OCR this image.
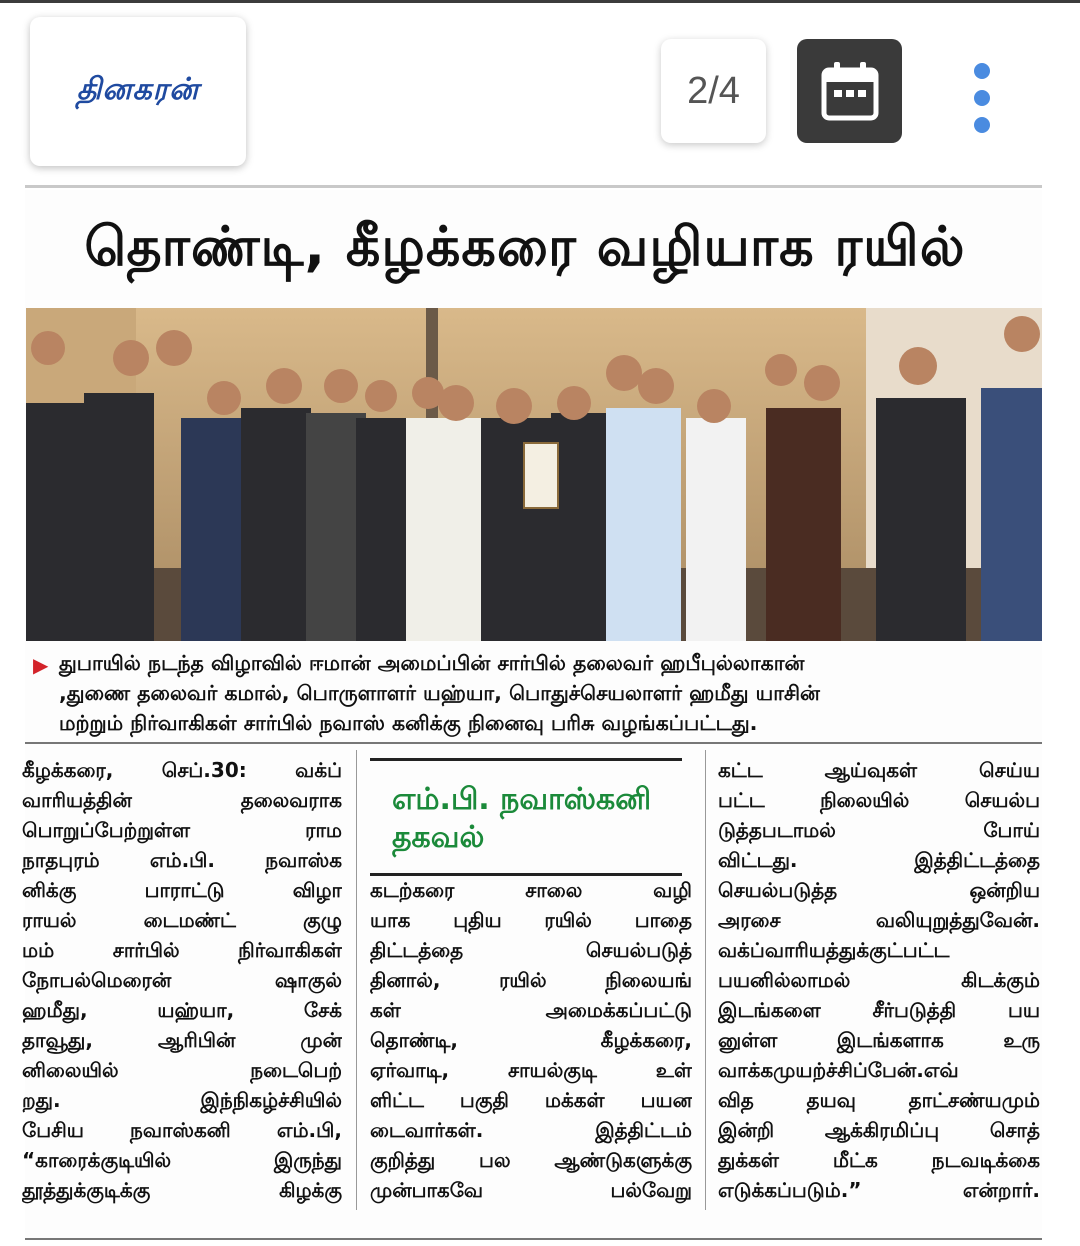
தினகரன்	2/4
தொண்டி, கீழக்கரை வழியாக ரயில்
▶ துபாயில் நடந்த விழாவில் ஈமான் அமைப்பின் சார்பில் தலைவர் ஹபீபுல்லாகான்
,துணை தலைவர் கமால், பொருளாளர் யஹ்யா, பொதுச்செயலாளர் ஹமீது யாசின்
மற்றும் நிர்வாகிகள் சார்பில் நவாஸ் கனிக்கு நினைவு பரிசு வழங்கப்பட்டது.
கீழக்கரை, செப்.30: வக்ப்
வாரியத்தின் தலைவராக
பொறுப்பேற்றுள்ள ராம
நாதபுரம் எம்.பி. நவாஸ்க
னிக்கு பாராட்டு விழா
ராயல் டைமண்ட் குழு
மம் சார்பில் நிர்வாகிகள்
நோபல்மெரைன் ஷாகுல்
ஹமீது, யஹ்யா, சேக்
தாவூது, ஆரிபின் முன்
னிலையில் நடைபெற்
றது. இந்நிகழ்ச்சியில்
பேசிய நவாஸ்கனி எம்.பி,
“காரைக்குடியில் இருந்து
தூத்துக்குடிக்கு கிழக்கு
எம்.பி. நவாஸ்கனி
தகவல்
கடற்கரை சாலை வழி
யாக புதிய ரயில் பாதை
திட்டத்தை செயல்படுத்
தினால், ரயில் நிலையங்
கள் அமைக்கப்பட்டு
தொண்டி, கீழக்கரை,
ஏர்வாடி, சாயல்குடி உள்
ளிட்ட பகுதி மக்கள் பயன
டைவார்கள். இத்திட்டம்
குறித்து பல ஆண்டுகளுக்கு
முன்பாகவே பல்வேறு
கட்ட ஆய்வுகள் செய்ய
பட்ட நிலையில் செயல்ப
டுத்தபடாமல் போய்
விட்டது. இத்திட்டத்தை
செயல்படுத்த ஒன்றிய
அரசை வலியுறுத்துவேன்.
வக்ப்வாரியத்துக்குட்பட்ட
பயனில்லாமல் கிடக்கும்
இடங்களை சீர்படுத்தி பய
னுள்ள இடங்களாக உரு
வாக்கமுயற்ச்சிப்பேன்.எவ்
வித தயவு தாட்சண்யமும்
இன்றி ஆக்கிரமிப்பு சொத்
துக்கள் மீட்க நடவடிக்கை
எடுக்கப்படும்.” என்றார்.
